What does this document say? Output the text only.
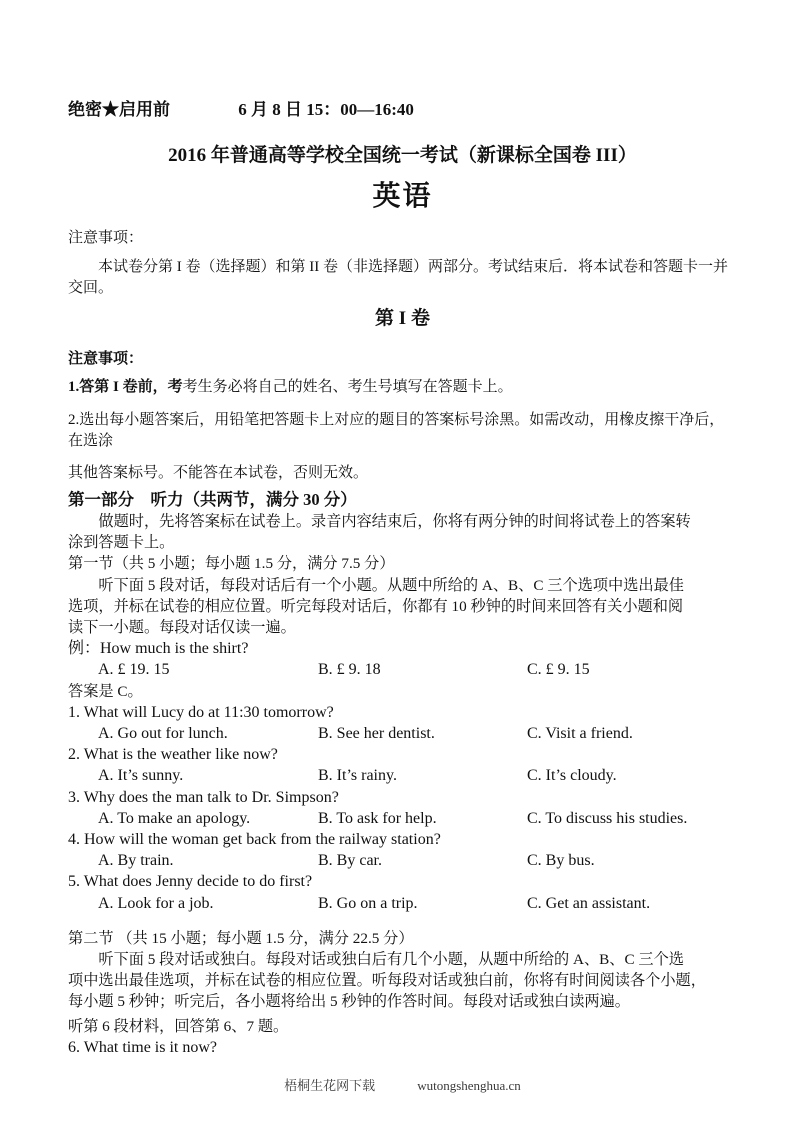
绝密★启用前	6 月 8 日 15：00—16:40
2016 年普通高等学校全国统一考试（新课标全国卷 III）
英语
注意事项：
本试卷分第 I 卷（选择题）和第 II 卷（非选择题）两部分。考试结束后．将本试卷和答题卡一并交回。
第 I 卷
注意事项：
1.答第 I 卷前，考考生务必将自己的姓名、考生号填写在答题卡上。
2.选出每小题答案后，用铅笔把答题卡上对应的题目的答案标号涂黑。如需改动，用橡皮擦干净后，在选涂
其他答案标号。不能答在本试卷，否则无效。
第一部分　听力（共两节，满分 30 分）
做题时，先将答案标在试卷上。录音内容结束后，你将有两分钟的时间将试卷上的答案转
涂到答题卡上。
第一节（共 5 小题；每小题 1.5 分，满分 7.5 分）
听下面 5 段对话，每段对话后有一个小题。从题中所给的 A、B、C 三个选项中选出最佳
选项，并标在试卷的相应位置。听完每段对话后，你都有 10 秒钟的时间来回答有关小题和阅
读下一小题。每段对话仅读一遍。
例：How much is the shirt?
A. £ 19. 15	B. £ 9. 18	C. £ 9. 15
答案是 C。
1. What will Lucy do at 11:30 tomorrow?
A. Go out for lunch.	B. See her dentist.	C. Visit a friend.
2. What is the weather like now?
A. It’s sunny.	B. It’s rainy.	C. It’s cloudy.
3. Why does the man talk to Dr. Simpson?
A. To make an apology.	B. To ask for help.	C. To discuss his studies.
4. How will the woman get back from the railway station?
A. By train.	B. By car.	C. By bus.
5. What does Jenny decide to do first?
A. Look for a job.	B. Go on a trip.	C. Get an assistant.
第二节 （共 15 小题；每小题 1.5 分，满分 22.5 分）
听下面 5 段对话或独白。每段对话或独白后有几个小题，从题中所给的 A、B、C 三个选
项中选出最佳选项，并标在试卷的相应位置。听每段对话或独白前，你将有时间阅读各个小题，
每小题 5 秒钟；听完后，各小题将给出 5 秒钟的作答时间。每段对话或独白读两遍。
听第 6 段材料，回答第 6、7 题。
6. What time is it now?
梧桐生花网下载	wutongshenghua.cn
